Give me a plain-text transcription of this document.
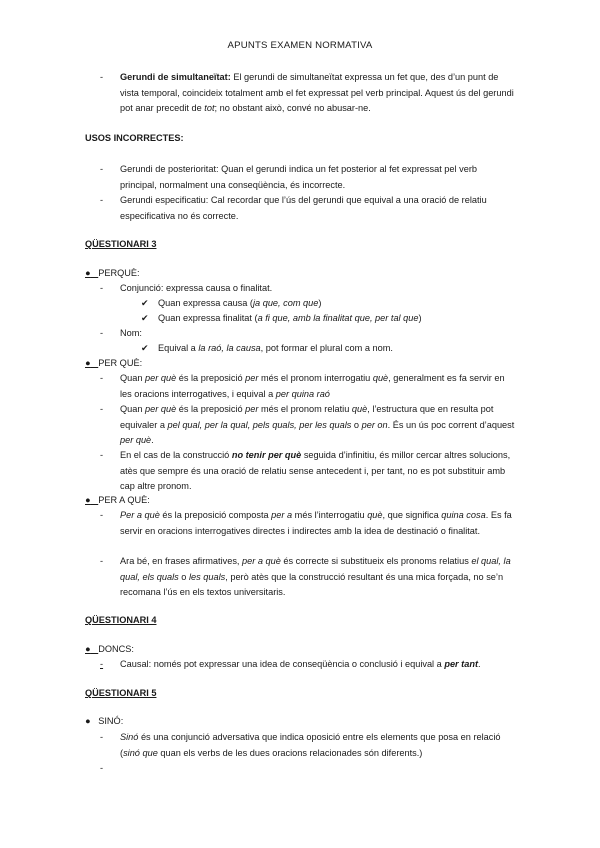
APUNTS EXAMEN NORMATIVA
-	Gerundi de simultaneïtat: El gerundi de simultaneïtat expressa un fet que, des d’un punt de vista temporal, coincideix totalment amb el fet expressat pel verb principal. Aquest ús del gerundi pot anar precedit de tot; no obstant això, convé no abusar-ne.
USOS INCORRECTES:
-	Gerundi de posterioritat: Quan el gerundi indica un fet posterior al fet expressat pel verb principal, normalment una conseqüència, és incorrecte.
-	Gerundi especificatiu: Cal recordar que l’ús del gerundi que equival a una oració de relatiu especificativa no és correcte.
QÜESTIONARI 3
● PERQUÈ:
-	Conjunció: expressa causa o finalitat.
✔ Quan expressa causa (ja que, com que)
✔ Quan expressa finalitat (a fi que, amb la finalitat que, per tal que)
-	Nom:
✔ Equival a la raó, la causa, pot formar el plural com a nom.
● PER QUÈ:
-	Quan per què és la preposició per més el pronom interrogatiu què, generalment es fa servir en les oracions interrogatives, i equival a per quina raó
-	Quan per què és la preposició per més el pronom relatiu què, l’estructura que en resulta pot equivaler a pel qual, per la qual, pels quals, per les quals o per on. És un ús poc corrent d’aquest per què.
-	En el cas de la construcció no tenir per què seguida d’infinitiu, és millor cercar altres solucions, atès que sempre és una oració de relatiu sense antecedent i, per tant, no es pot substituir amb cap altre pronom.
● PER A QUÈ:
-	Per a què és la preposició composta per a més l’interrogatiu què, que significa quina cosa. Es fa servir en oracions interrogatives directes i indirectes amb la idea de destinació o finalitat.
-	Ara bé, en frases afirmatives, per a què és correcte si substitueix els pronoms relatius el qual, la qual, els quals o les quals, però atès que la construcció resultant és una mica forçada, no se’n recomana l’ús en els textos universitaris.
QÜESTIONARI 4
● DONCS:
-	Causal: només pot expressar una idea de conseqüència o conclusió i equival a per tant.
QÜESTIONARI 5
● SINÓ:
-	Sinó és una conjunció adversativa que indica oposició entre els elements que posa en relació (sinó que quan els verbs de les dues oracions relacionades són diferents.)
-
